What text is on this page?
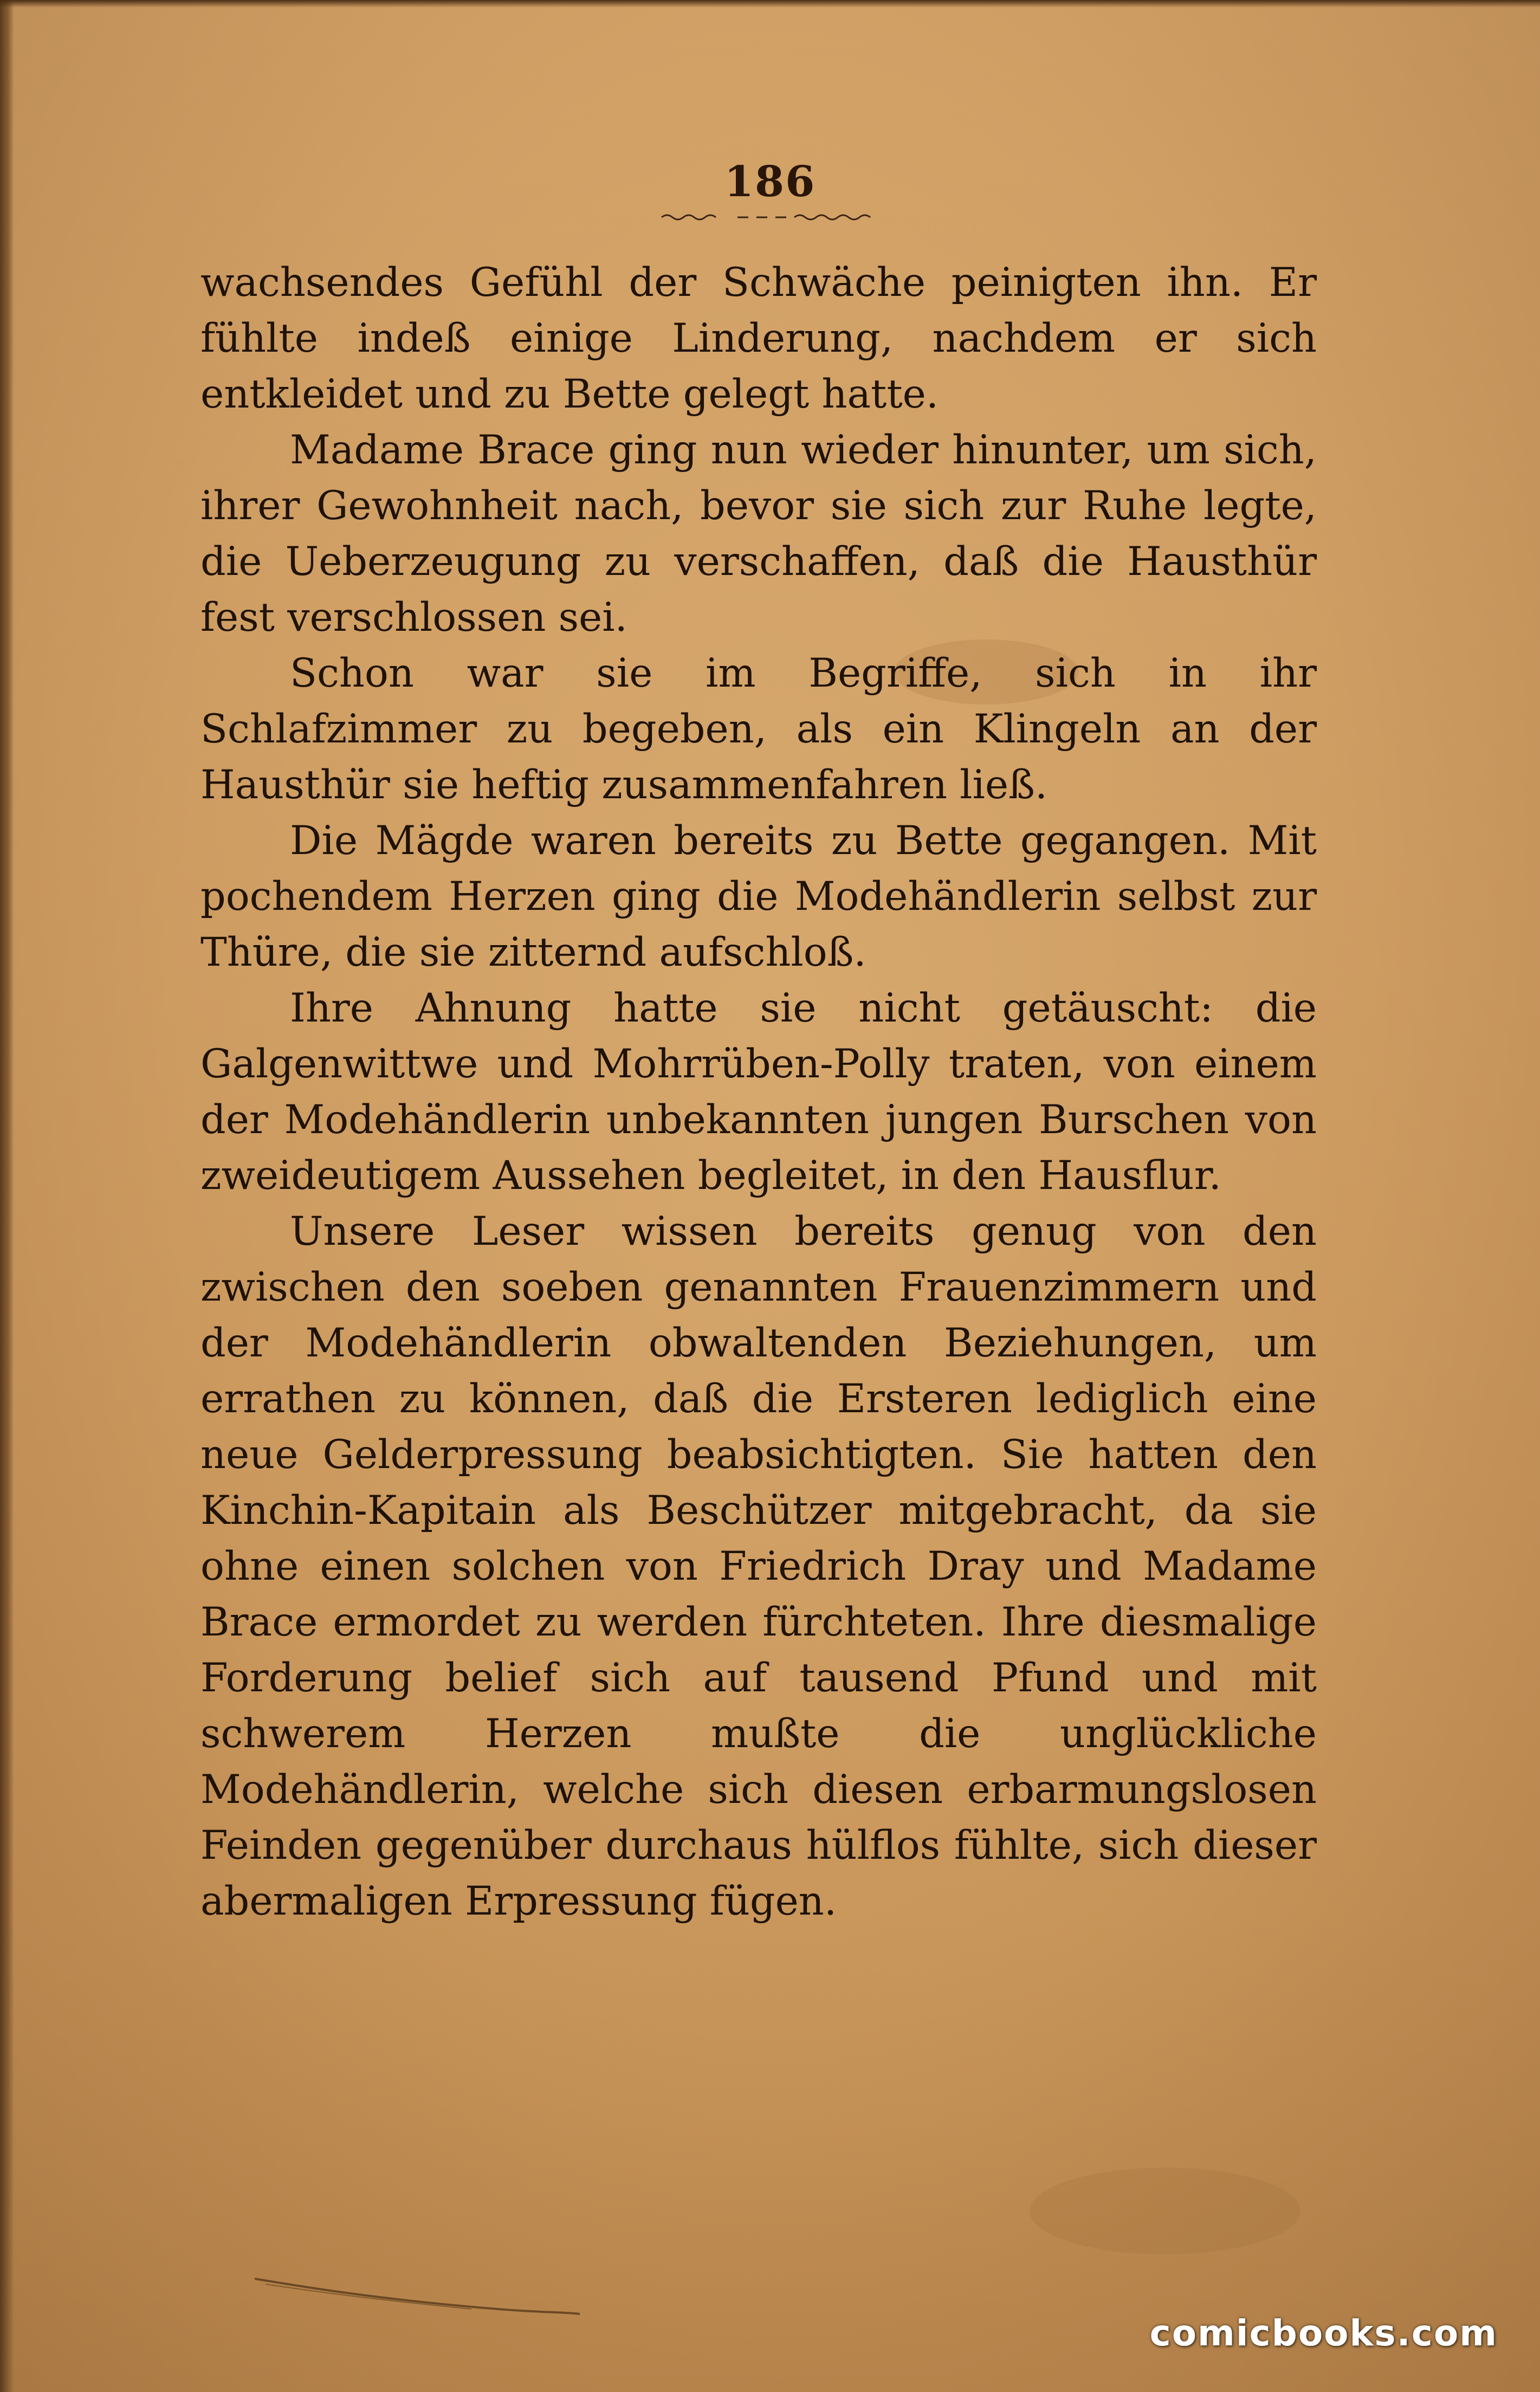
186

wachsendes Gefühl der Schwäche peinigten ihn. Er fühlte indeß einige Linderung, nachdem er sich entkleidet und zu Bette gelegt hatte.

Madame Brace ging nun wieder hinunter, um sich, ihrer Gewohnheit nach, bevor sie sich zur Ruhe legte, die Ueberzeugung zu verschaffen, daß die Hausthür fest verschlossen sei.

Schon war sie im Begriffe, sich in ihr Schlafzimmer zu begeben, als ein Klingeln an der Hausthür sie heftig zusammenfahren ließ.

Die Mägde waren bereits zu Bette gegangen. Mit pochendem Herzen ging die Modehändlerin selbst zur Thüre, die sie zitternd aufschloß.

Ihre Ahnung hatte sie nicht getäuscht: die Galgenwittwe und Mohrrüben-Polly traten, von einem der Modehändlerin unbekannten jungen Burschen von zweideutigem Aussehen begleitet, in den Hausflur.

Unsere Leser wissen bereits genug von den zwischen den soeben genannten Frauenzimmern und der Modehändlerin obwaltenden Beziehungen, um errathen zu können, daß die Ersteren lediglich eine neue Gelderpressung beabsichtigten. Sie hatten den Kinchin-Kapitain als Beschützer mitgebracht, da sie ohne einen solchen von Friedrich Dray und Madame Brace ermordet zu werden fürchteten. Ihre diesmalige Forderung belief sich auf tausend Pfund und mit schwerem Herzen mußte die unglückliche Modehändlerin, welche sich diesen erbarmungslosen Feinden gegenüber durchaus hülflos fühlte, sich dieser abermaligen Erpressung fügen.

comicbooks.com
